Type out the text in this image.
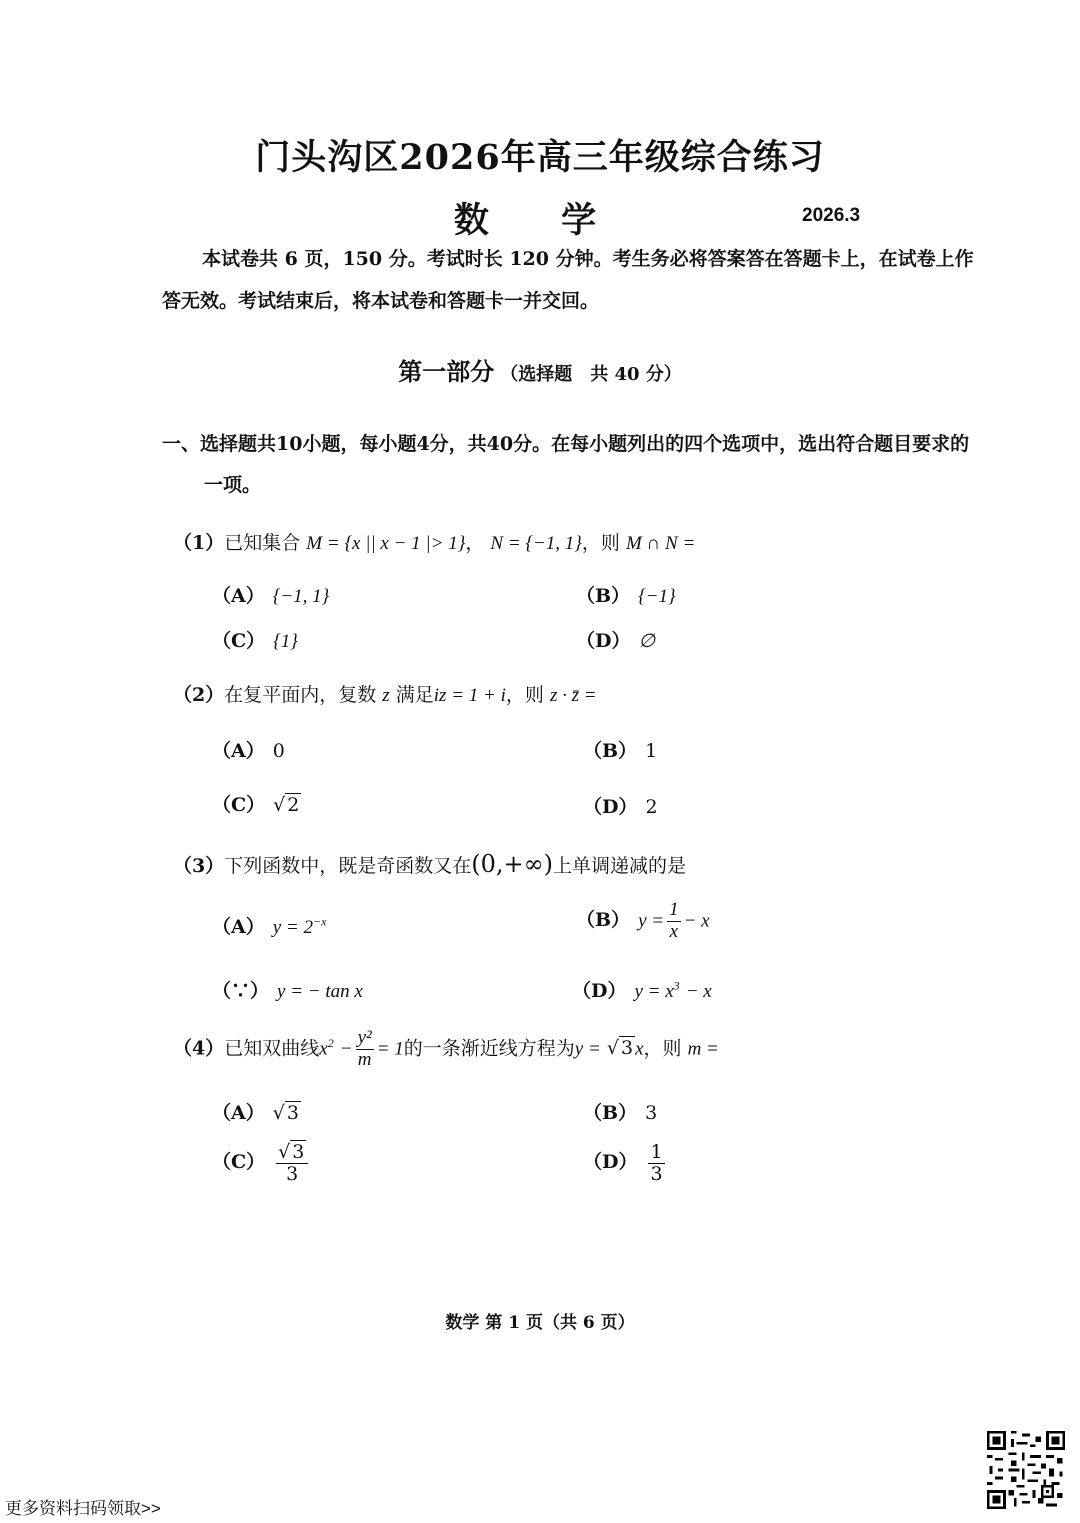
门头沟区2026年高三年级综合练习
数 学	2026.3
本试卷共 6 页，150 分。考试时长 120 分钟。考生务必将答案答在答题卡上，在试卷上作
答无效。考试结束后，将本试卷和答题卡一并交回。
第一部分 （选择题　共 40 分）
一、选择题共10小题，每小题4分，共40分。在每小题列出的四个选项中，选出符合题目要求的
一项。
（1）已知集合 M = {x || x − 1 |> 1}， N = {−1, 1}，则 M ∩ N =
（A） {−1, 1}	（B） {−1}
（C） {1}	（D） ∅
（2）在复平面内，复数 z 满足iz = 1 + i，则 z · z̄ =
（A） 0	（B） 1
（C） √ 2	（D） 2
（3）下列函数中，既是奇函数又在(0,+∞)上单调递减的是
（A） $y = 2^{-x}$	（B） $y = \frac{1}{x} - x$
（∵） y = − tan x	（D） $y = x^3 - x$
（4）已知双曲线$x^2 - \frac{\text{y²}}{m} = 1$的一条渐近线方程为y = √ 3 x，则 m =
（A） √ 3	（B） 3
$(C) \frac{√ 3}{3}$	$(D) \frac{1}{3}$
数学 第 1 页（共 6 页）
更多资料扫码领取>>
